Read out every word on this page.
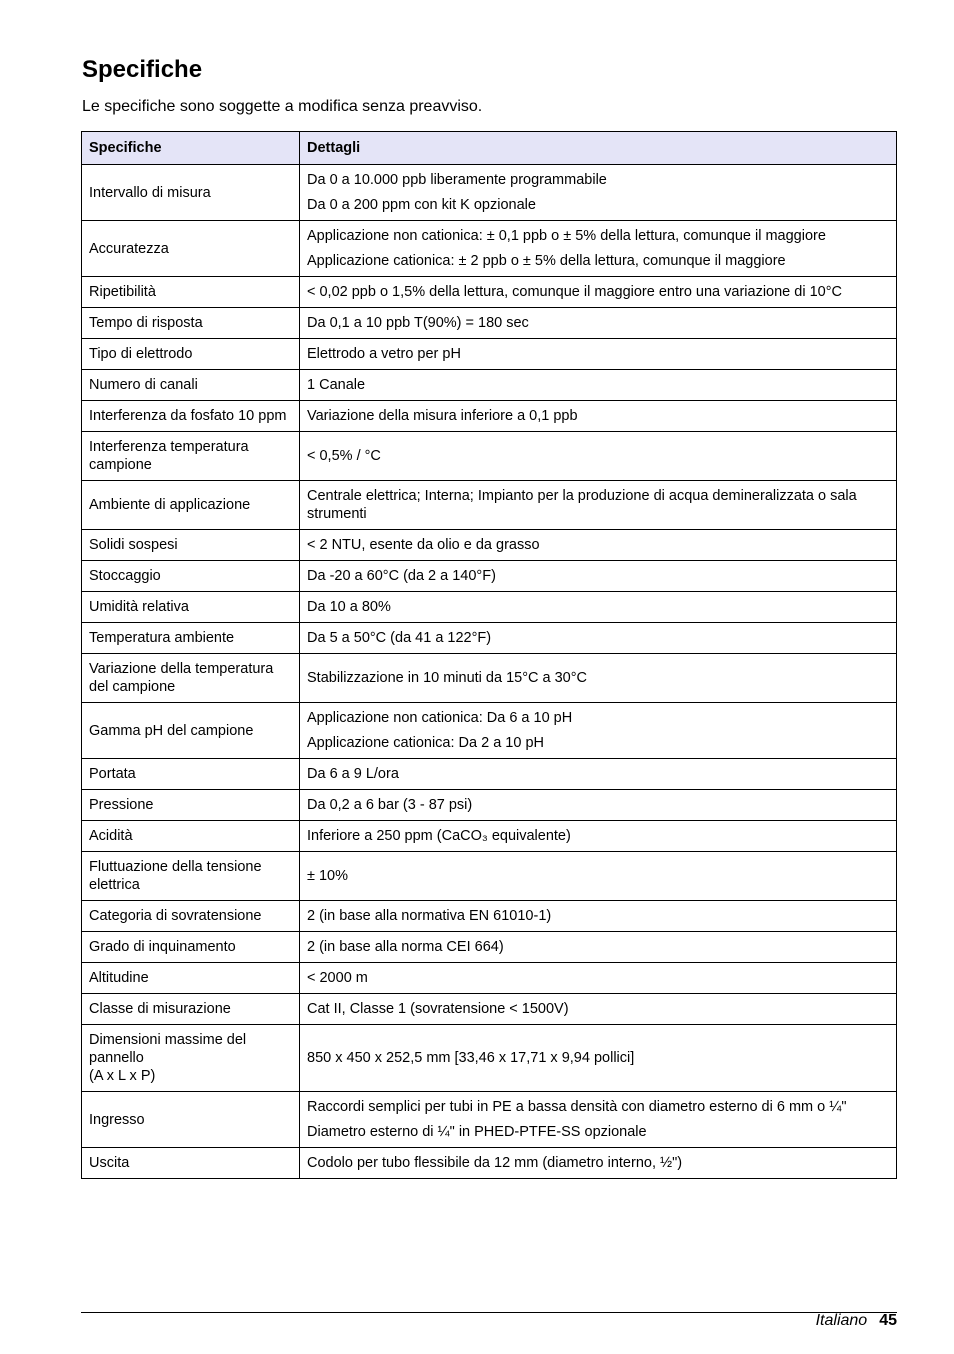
Specifiche

Le specifiche sono soggette a modifica senza preavviso.

Specifiche	Dettagli
Intervallo di misura	Da 0 a 10.000 ppb liberamente programmabile
Da 0 a 200 ppm con kit K opzionale

Accuratezza	Applicazione non cationica: ± 0,1 ppb o ± 5% della lettura, comunque il maggiore
Applicazione cationica: ± 2 ppb o ± 5% della lettura, comunque il maggiore

Ripetibilità	< 0,02 ppb o 1,5% della lettura, comunque il maggiore entro una variazione di 10°C

Tempo di risposta	Da 0,1 a 10 ppb T(90%) = 180 sec

Tipo di elettrodo	Elettrodo a vetro per pH

Numero di canali	1 Canale

Interferenza da fosfato 10 ppm	Variazione della misura inferiore a 0,1 ppb

Interferenza temperatura campione	< 0,5% / °C

Ambiente di applicazione	Centrale elettrica; Interna; Impianto per la produzione di acqua demineralizzata o sala strumenti

Solidi sospesi	< 2 NTU, esente da olio e da grasso

Stoccaggio	Da -20 a 60°C (da 2 a 140°F)

Umidità relativa	Da 10 a 80%

Temperatura ambiente	Da 5 a 50°C (da 41 a 122°F)

Variazione della temperatura del campione	Stabilizzazione in 10 minuti da 15°C a 30°C

Gamma pH del campione	Applicazione non cationica: Da 6 a 10 pH
Applicazione cationica: Da 2 a 10 pH

Portata	Da 6 a 9 L/ora

Pressione	Da 0,2 a 6 bar (3 - 87 psi)

Acidità	Inferiore a 250 ppm (CaCO₃ equivalente)

Fluttuazione della tensione elettrica	± 10%

Categoria di sovratensione	2 (in base alla normativa EN 61010-1)

Grado di inquinamento	2 (in base alla norma CEI 664)

Altitudine	< 2000 m

Classe di misurazione	Cat II, Classe 1 (sovratensione < 1500V)

Dimensioni massime del pannello
(A x L x P)	850 x 450 x 252,5 mm [33,46 x 17,71 x 9,94 pollici]

Ingresso	Raccordi semplici per tubi in PE a bassa densità con diametro esterno di 6 mm o ¼"
Diametro esterno di ¼" in PHED-PTFE-SS opzionale

Uscita	Codolo per tubo flessibile da 12 mm (diametro interno, ½")
Italiano 45
